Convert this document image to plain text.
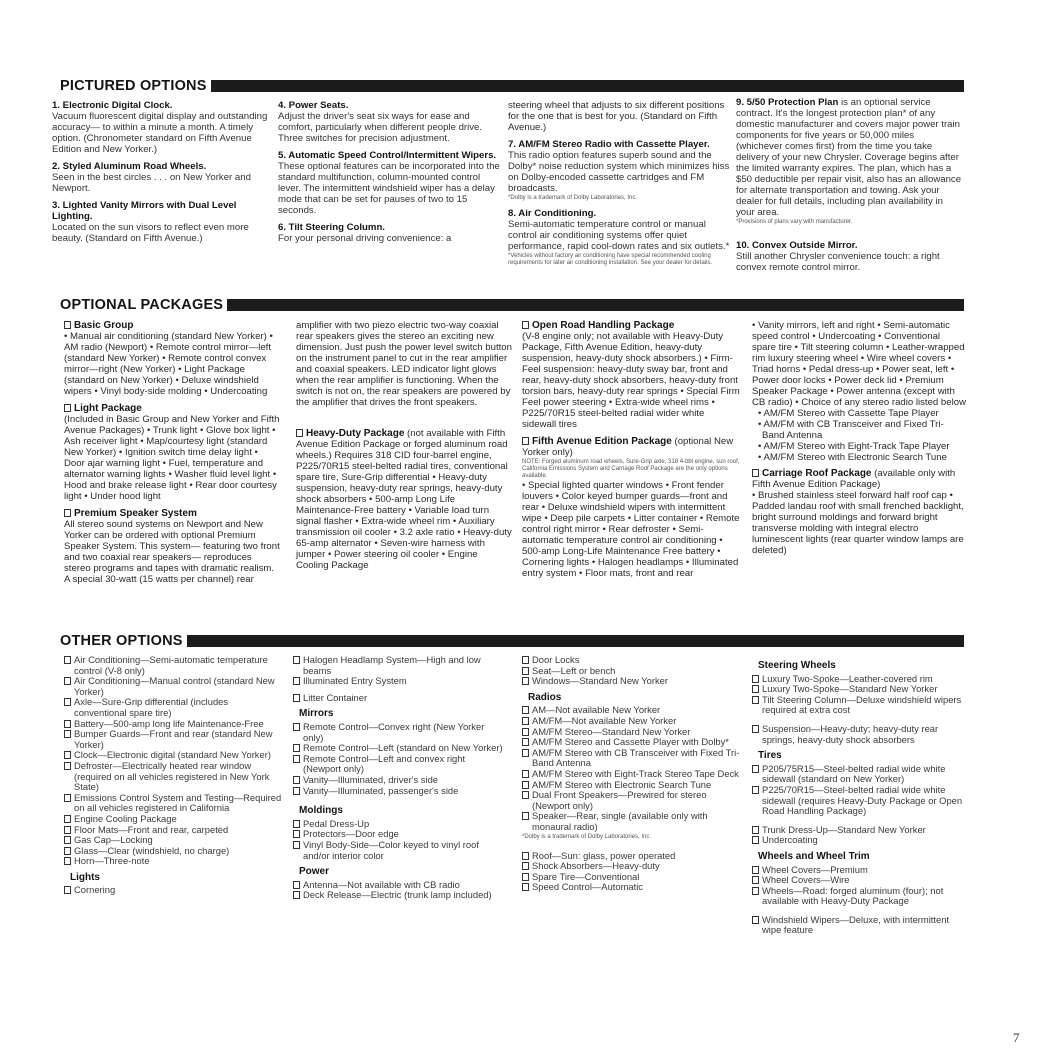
PICTURED OPTIONS
1. Electronic Digital Clock.
Vacuum fluorescent digital display and outstanding accuracy— to within a minute a month. A timely option. (Chronometer standard on Fifth Avenue Edition and New Yorker.)
2. Styled Aluminum Road Wheels.
Seen in the best circles . . . on New Yorker and Newport.
3. Lighted Vanity Mirrors with Dual Level Lighting.
Located on the sun visors to reflect even more beauty. (Standard on Fifth Avenue.)
4. Power Seats.
Adjust the driver's seat six ways for ease and comfort, particularly when different people drive. Three switches for precision adjustment.
5. Automatic Speed Control/Intermittent Wipers.
These optional features can be incorporated into the standard multifunction, column-mounted control lever. The intermittent windshield wiper has a delay mode that can be set for pauses of two to 15 seconds.
6. Tilt Steering Column.
For your personal driving convenience: a
steering wheel that adjusts to six different positions for the one that is best for you. (Standard on Fifth Avenue.)
7. AM/FM Stereo Radio with Cassette Player.
This radio option features superb sound and the Dolby* noise reduction system which minimizes hiss on Dolby-encoded cassette cartridges and FM broadcasts.
*Dolby is a trademark of Dolby Laboratories, Inc.
8. Air Conditioning.
Semi-automatic temperature control or manual control air conditioning systems offer quiet performance, rapid cool-down rates and six outlets.*
*Vehicles without factory air conditioning have special recommended cooling requirements for later air conditioning installation. See your dealer for details.
9. 5/50 Protection Plan is an optional service contract. It's the longest protection plan* of any domestic manufacturer and covers major power train components for five years or 50,000 miles (whichever comes first) from the time you take delivery of your new Chrysler. Coverage begins after the limited warranty expires. The plan, which has a $50 deductible per repair visit, also has an allowance for alternate transportation and towing. Ask your dealer for full details, including plan availability in your area.
*Provisions of plans vary with manufacturer.
10. Convex Outside Mirror.
Still another Chrysler convenience touch: a right convex remote control mirror.
OPTIONAL PACKAGES
Basic Group
• Manual air conditioning (standard New Yorker) • AM radio (Newport) • Remote control mirror—left (standard New Yorker) • Remote control convex mirror—right (New Yorker) • Light Package (standard on New Yorker) • Deluxe windshield wipers • Vinyl body-side molding • Undercoating
Light Package
(Included in Basic Group and New Yorker and Fifth Avenue Packages) • Trunk light • Glove box light • Ash receiver light • Map/courtesy light (standard New Yorker) • Ignition switch time delay light • Door ajar warning light • Fuel, temperature and alternator warning lights • Washer fluid level light • Hood and brake release light • Rear door courtesy light • Under hood light
Premium Speaker System
All stereo sound systems on Newport and New Yorker can be ordered with optional Premium Speaker System. This system— featuring two front and two coaxial rear speakers— reproduces stereo programs and tapes with dramatic realism. A special 30-watt (15 watts per channel) rear
amplifier with two piezo electric two-way coaxial rear speakers gives the stereo an exciting new dimension. Just push the power level switch button on the instrument panel to cut in the rear amplifier and coaxial speakers. LED indicator light glows when the rear amplifier is functioning. When the switch is not on, the rear speakers are powered by the amplifier that drives the front speakers.
Heavy-Duty Package (not available with Fifth Avenue Edition Package or forged aluminum road wheels.) Requires 318 CID four-barrel engine, P225/70R15 steel-belted radial tires, conventional spare tire, Sure-Grip differential • Heavy-duty suspension, heavy-duty rear springs, heavy-duty shock absorbers • 500-amp Long Life Maintenance-Free battery • Variable load turn signal flasher • Extra-wide wheel rim • Auxiliary transmission oil cooler • 3.2 axle ratio • Heavy-duty 65-amp alternator • Seven-wire harness with jumper • Power steering oil cooler • Engine Cooling Package
Open Road Handling Package
(V-8 engine only; not available with Heavy-Duty Package, Fifth Avenue Edition, heavy-duty suspension, heavy-duty shock absorbers.) • Firm-Feel suspension: heavy-duty sway bar, front and rear, heavy-duty shock absorbers, heavy-duty front torsion bars, heavy-duty rear springs • Special Firm Feel power steering • Extra-wide wheel rims • P225/70R15 steel-belted radial wider white sidewall tires
Fifth Avenue Edition Package (optional New Yorker only)
NOTE: Forged aluminum road wheels, Sure-Grip axle, 318 4-bbl engine, sun roof, California Emissions System and Carriage Roof Package are the only options available.
• Special lighted quarter windows • Front fender louvers • Color keyed bumper guards—front and rear • Deluxe windshield wipers with intermittent wipe • Deep pile carpets • Litter container • Remote control right mirror • Rear defroster • Semi-automatic temperature control air conditioning • 500-amp Long-Life Maintenance Free battery • Cornering lights • Halogen headlamps • Illuminated entry system • Floor mats, front and rear
• Vanity mirrors, left and right • Semi-automatic speed control • Undercoating • Conventional spare tire • Tilt steering column • Leather-wrapped rim luxury steering wheel • Wire wheel covers • Triad horns • Pedal dress-up • Power seat, left • Power door locks • Power deck lid • Premium Speaker Package • Power antenna (except with CB radio) • Choice of any stereo radio listed below
• AM/FM Stereo with Cassette Tape Player
• AM/FM with CB Transceiver and Fixed Tri-Band Antenna
• AM/FM Stereo with Eight-Track Tape Player
• AM/FM Stereo with Electronic Search Tune
Carriage Roof Package (available only with Fifth Avenue Edition Package)
• Brushed stainless steel forward half roof cap • Padded landau roof with small frenched backlight, bright surround moldings and forward bright transverse molding with integral electro luminescent lights (rear quarter window lamps are deleted)
OTHER OPTIONS

Air Conditioning—Semi-automatic temperature control (V-8 only)

Air Conditioning—Manual control (standard New Yorker)

Axle—Sure-Grip differential (includes conventional spare tire)

Battery—500-amp long life Maintenance-Free

Bumper Guards—Front and rear (standard New Yorker)

Clock—Electronic digital (standard New Yorker)

Defroster—Electrically heated rear window (required on all vehicles registered in New York State)

Emissions Control System and Testing—Required on all vehicles registered in California

Engine Cooling Package

Floor Mats—Front and rear, carpeted

Gas Cap—Locking

Glass—Clear (windshield, no charge)

Horn—Three-note

Lights

Cornering

Halogen Headlamp System—High and low beams

Illuminated Entry System

Litter Container

Mirrors

Remote Control—Convex right (New Yorker only)

Remote Control—Left (standard on New Yorker)

Remote Control—Left and convex right (Newport only)

Vanity—Illuminated, driver's side

Vanity—Illuminated, passenger's side

Moldings

Pedal Dress-Up

Protectors—Door edge

Vinyl Body-Side—Color keyed to vinyl roof and/or interior color

Power

Antenna—Not available with CB radio

Deck Release—Electric (trunk lamp included)

Door Locks

Seat—Left or bench

Windows—Standard New Yorker

Radios

AM—Not available New Yorker

AM/FM—Not available New Yorker

AM/FM Stereo—Standard New Yorker

AM/FM Stereo and Cassette Player with Dolby*

AM/FM Stereo with CB Transceiver with Fixed Tri-Band Antenna

AM/FM Stereo with Eight-Track Stereo Tape Deck

AM/FM Stereo with Electronic Search Tune

Dual Front Speakers—Prewired for stereo (Newport only)

Speaker—Rear, single (available only with monaural radio)

*Dolby is a trademark of Dolby Laboratories, Inc.

Roof—Sun: glass, power operated

Shock Absorbers—Heavy-duty

Spare Tire—Conventional

Speed Control—Automatic

Steering Wheels

Luxury Two-Spoke—Leather-covered rim

Luxury Two-Spoke—Standard New Yorker

Tilt Steering Column—Deluxe windshield wipers required at extra cost

Suspension—Heavy-duty; heavy-duty rear springs, heavy-duty shock absorbers

Tires

P205/75R15—Steel-belted radial wide white sidewall (standard on New Yorker)

P225/70R15—Steel-belted radial wide white sidewall (requires Heavy-Duty Package or Open Road Handling Package)

Trunk Dress-Up—Standard New Yorker

Undercoating

Wheels and Wheel Trim

Wheel Covers—Premium

Wheel Covers—Wire

Wheels—Road: forged aluminum (four); not available with Heavy-Duty Package

Windshield Wipers—Deluxe, with intermittent wipe feature

7
